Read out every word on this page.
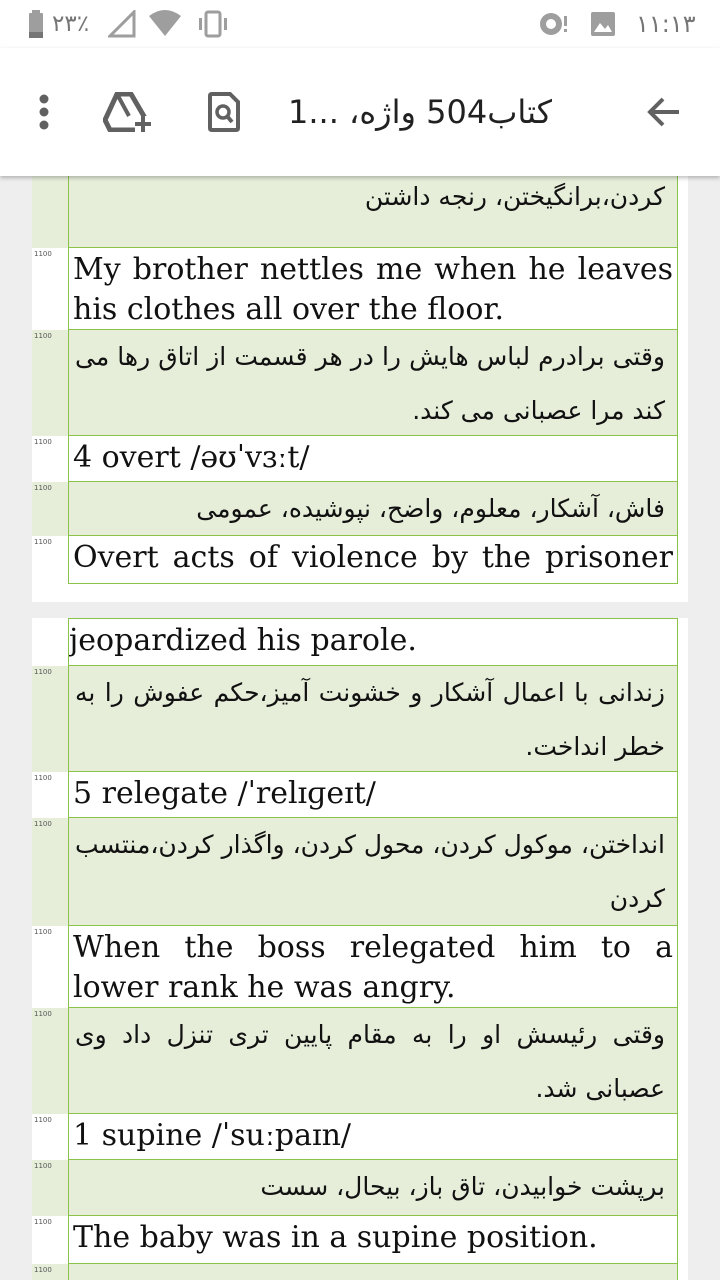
۲۳٪	۱۱:۱۳
کتاب504 واژه، ...1
کردن،برانگیختن، رنجه داشتن
1100 My brother nettles me when he leaves his clothes all over the floor.
1100
وقتی برادرم لباس هایش را در هر قسمت از اتاق رها می کند مرا عصبانی می کند.
1100 4 overt /əʊˈvɜːt/
1100
فاش، آشکار، معلوم، واضح، نپوشیده، عمومی
1100 Overt acts of violence by the prisoner
jeopardized his parole.
1100
زندانی با اعمال آشکار و خشونت آمیز،حکم عفوش را به خطر انداخت.
1100 5 relegate /ˈrelɪɡeɪt/
1100
انداختن، موکول کردن، محول کردن، واگذار کردن،منتسب کردن
1100 When the boss relegated him to a lower rank he was angry.
1100
وقتی رئیسش او را به مقام پایین تری تنزل داد وی عصبانی شد.
1100 1 supine /ˈsuːpaɪn/
1100
برپشت خوابیدن، تاق باز، بیحال، سست
1100 The baby was in a supine position.
1100
